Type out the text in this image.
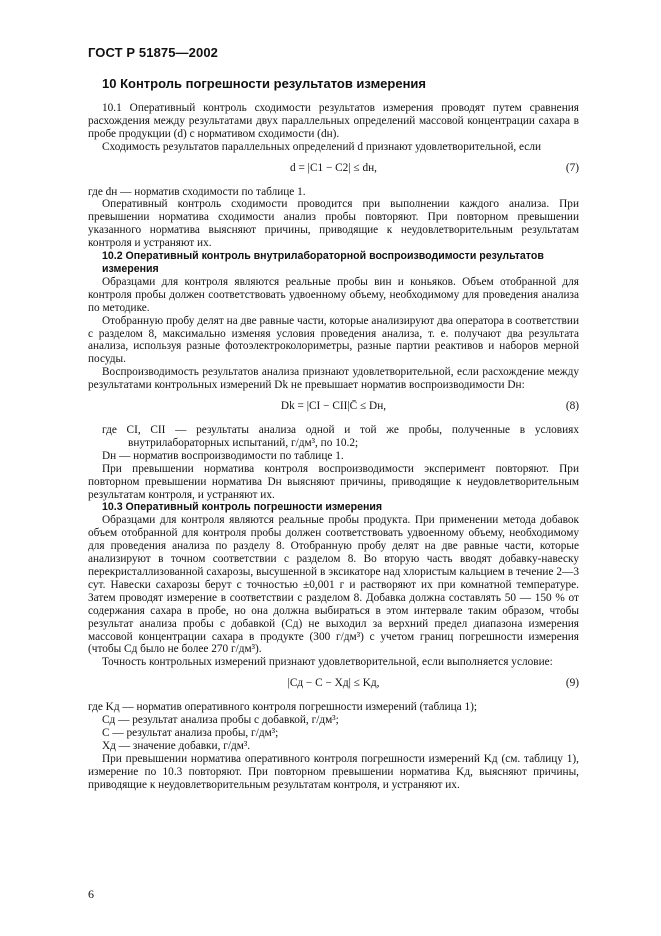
ГОСТ Р 51875—2002
10 Контроль погрешности результатов измерения

10.1 Оперативный контроль сходимости результатов измерения проводят путем сравнения расхождения между результатами двух параллельных определений массовой концентрации сахара в пробе продукции (d) с нормативом сходимости (dн).

Сходимость результатов параллельных определений d признают удовлетворительной, если

d = |C1 − C2| ≤ dн,	(7)

где dн — норматив сходимости по таблице 1.

Оперативный контроль сходимости проводится при выполнении каждого анализа. При превышении норматива сходимости анализ пробы повторяют. При повторном превышении указанного норматива выясняют причины, приводящие к неудовлетворительным результатам контроля и устраняют их.

10.2 Оперативный контроль внутрилабораторной воспроизводимости результатов измерения

Образцами для контроля являются реальные пробы вин и коньяков. Объем отобранной для контроля пробы должен соответствовать удвоенному объему, необходимому для проведения анализа по методике.

Отобранную пробу делят на две равные части, которые анализируют два оператора в соответствии с разделом 8, максимально изменяя условия проведения анализа, т. е. получают два результата анализа, используя разные фотоэлектроколориметры, разные партии реактивов и наборов мерной посуды.

Воспроизводимость результатов анализа признают удовлетворительной, если расхождение между результатами контрольных измерений Dk не превышает норматив воспроизводимости Dн:

Dk = |CI − CII|C̄ ≤ Dн,	(8)

где CI, CII — результаты анализа одной и той же пробы, полученные в условиях внутрилабораторных испытаний, г/дм³, по 10.2;

Dн — норматив воспроизводимости по таблице 1.

При превышении норматива контроля воспроизводимости эксперимент повторяют. При повторном превышении норматива Dн выясняют причины, приводящие к неудовлетворительным результатам контроля, и устраняют их.

10.3 Оперативный контроль погрешности измерения

Образцами для контроля являются реальные пробы продукта. При применении метода добавок объем отобранной для контроля пробы должен соответствовать удвоенному объему, необходимому для проведения анализа по разделу 8. Отобранную пробу делят на две равные части, которые анализируют в точном соответствии с разделом 8. Во вторую часть вводят добавку-навеску перекристаллизованной сахарозы, высушенной в эксикаторе над хлористым кальцием в течение 2—3 сут. Навески сахарозы берут с точностью ±0,001 г и растворяют их при комнатной температуре. Затем проводят измерение в соответствии с разделом 8. Добавка должна составлять 50 — 150 % от содержания сахара в пробе, но она должна выбираться в этом интервале таким образом, чтобы результат анализа пробы с добавкой (Cд) не выходил за верхний предел диапазона измерения массовой концентрации сахара в продукте (300 г/дм³) с учетом границ погрешности измерения (чтобы Cд было не более 270 г/дм³).

Точность контрольных измерений признают удовлетворительной, если выполняется условие:

|Cд − C − Xд| ≤ Kд,	(9)

где Kд — норматив оперативного контроля погрешности измерений (таблица 1);

Cд — результат анализа пробы с добавкой, г/дм³;

C — результат анализа пробы, г/дм³;

Xд — значение добавки, г/дм³.

При превышении норматива оперативного контроля погрешности измерений Kд (см. таблицу 1), измерение по 10.3 повторяют. При повторном превышении норматива Kд, выясняют причины, приводящие к неудовлетворительным результатам контроля, и устраняют их.

6
